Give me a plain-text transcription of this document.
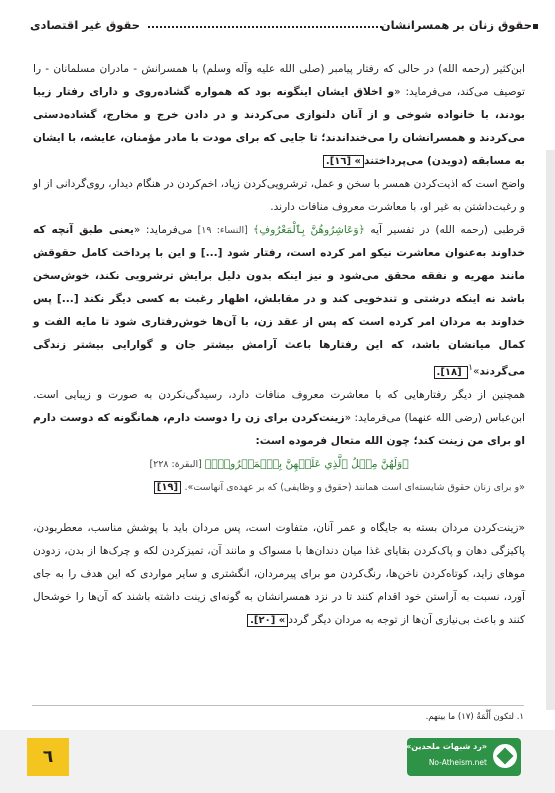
حقوق زنان بر همسرانشان
حقوق غیر اقتصادی

ابن‌کثیر (رحمه الله) در حالی که رفتار پیامبر (صلی الله علیه وآله وسلم) با همسرانش - مادران مسلمانان - را توصیف می‌کند، می‌فرماید: «و اخلاق ایشان اینگونه بود که همواره گشاده‌روی و دارای رفتار زیبا بودند، با خانواده شوخی و از آنان دلنوازی می‌کردند و در دادن خرج و مخارج، گشاده‌دستی می‌کردند و همسرانشان را می‌خنداندند؛ تا جایی که برای مودت با مادر مؤمنان، عایشه، با ایشان به مسابقه (دویدن) می‌پرداختند» [١٦].

واضح است که اذیت‌کردن همسر با سخن و عمل، ترشرویی‌کردن زیاد، اخم‌کردن در هنگام دیدار، روی‌گردانی از او و رغبت‌داشتن به غیر او، با معاشرت معروف منافات دارند.

قرطبی (رحمه الله) در تفسیر آیه ﴿وَعَاشِرُوهُنَّ بِٱلْمَعْرُوفِ﴾ [النساء: ١٩] می‌فرماید: «یعنی طبق آنچه که خداوند به‌عنوان معاشرت نیکو امر کرده است، رفتار شود [...] و این با پرداخت کامل حقوقش مانند مهریه و نفقه محقق می‌شود و نیز اینکه بدون دلیل برایش ترشرویی نکند، خوش‌سخن باشد نه اینکه درشتی و تندخویی کند و در مقابلش، اظهار رغبت به کسی دیگر نکند [...] پس خداوند به مردان امر کرده است که پس از عقد زن، با آن‌ها خوش‌رفتاری شود تا مایه الفت و کمال میانشان باشد، که این رفتارها باعث آرامش بیشتر جان و گوارایی بیشتر زندگی می‌گردند»$^١$ [١٨].

همچنین از دیگر رفتارهایی که با معاشرت معروف منافات دارد، رسیدگی‌نکردن به صورت و زیبایی است. ابن‌عباس (رضی الله عنهما) می‌فرماید: «زینت‌کردن برای زن را دوست دارم، همانگونه که دوست دارم او برای من زینت کند؛ چون الله متعال فرموده است:

﴿وَلَهُنَّ مِثۡلُ ٱلَّذِي عَلَيۡهِنَّ بِٱلۡمَعۡرُوفِۚ﴾ [البقرة: ٢٢٨]

«و برای زنان حقوق شایسته‌ای است همانند (حقوق و وظایفی) که بر عهده‌ی آنهاست». [١٩]

«زینت‌کردن مردان بسته به جایگاه و عمر آنان، متفاوت است، پس مردان باید با پوشش مناسب، معطربودن، پاکیزگی دهان و پاک‌کردن بقایای غذا میان دندان‌ها با مسواک و مانند آن، تمیزکردن لکه و چرک‌ها از بدن، زدودن موهای زاید، کوتاه‌کردن ناخن‌ها، رنگ‌کردن مو برای پیرمردان، انگشتری و سایر مواردی که این هدف را به جای آورد، نسبت به آراستن خود اقدام کنند تا در نزد همسرانشان به گونه‌ای زینت داشته باشند که آن‌ها را خوشحال کنند و باعث بی‌نیازی آن‌ها از توجه به مردان دیگر گردد» [٢٠].

١. لتكون أَلْمَةُ (١٧) ما بينهم.
٦
«رد شبهات ملحدین»
No-Atheism.net
